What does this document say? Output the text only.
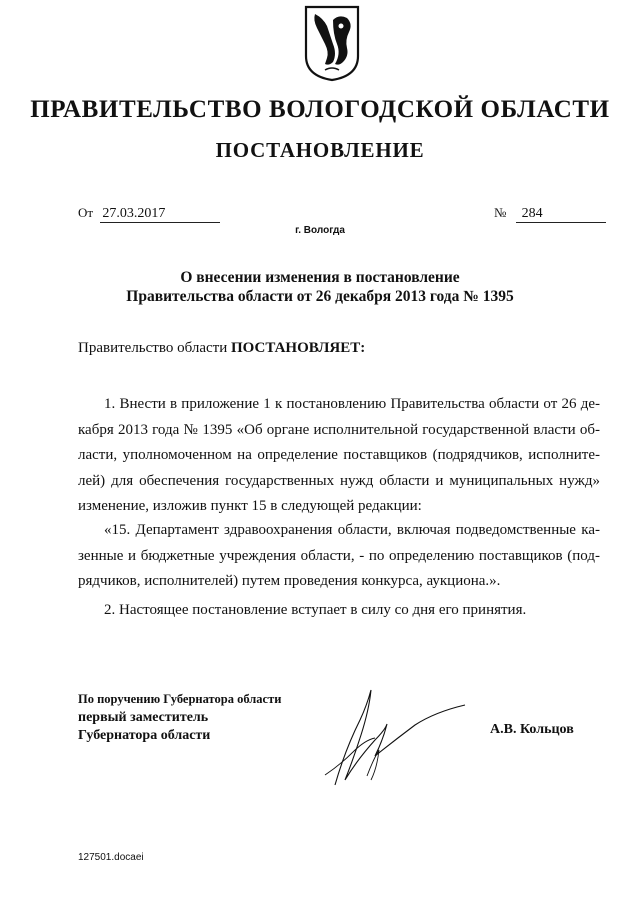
ПРАВИТЕЛЬСТВО ВОЛОГОДСКОЙ ОБЛАСТИ
ПОСТАНОВЛЕНИЕ
От 27.03.2017	№ 284
г. Вологда
О внесении изменения в постановление
Правительства области от 26 декабря 2013 года № 1395
Правительство области ПОСТАНОВЛЯЕТ:
1. Внести в приложение 1 к постановлению Правительства области от 26 де-
кабря 2013 года № 1395 «Об органе исполнительной государственной власти об-
ласти, уполномоченном на определение поставщиков (подрядчиков, исполните-
лей) для обеспечения государственных нужд области и муниципальных нужд»
изменение, изложив пункт 15 в следующей редакции:
«15. Департамент здравоохранения области, включая подведомственные ка-
зенные и бюджетные учреждения области, - по определению поставщиков (под-
рядчиков, исполнителей) путем проведения конкурса, аукциона.».
2. Настоящее постановление вступает в силу со дня его принятия.
По поручению Губернатора области
первый заместитель
Губернатора области	А.В. Кольцов
127501.docaei
